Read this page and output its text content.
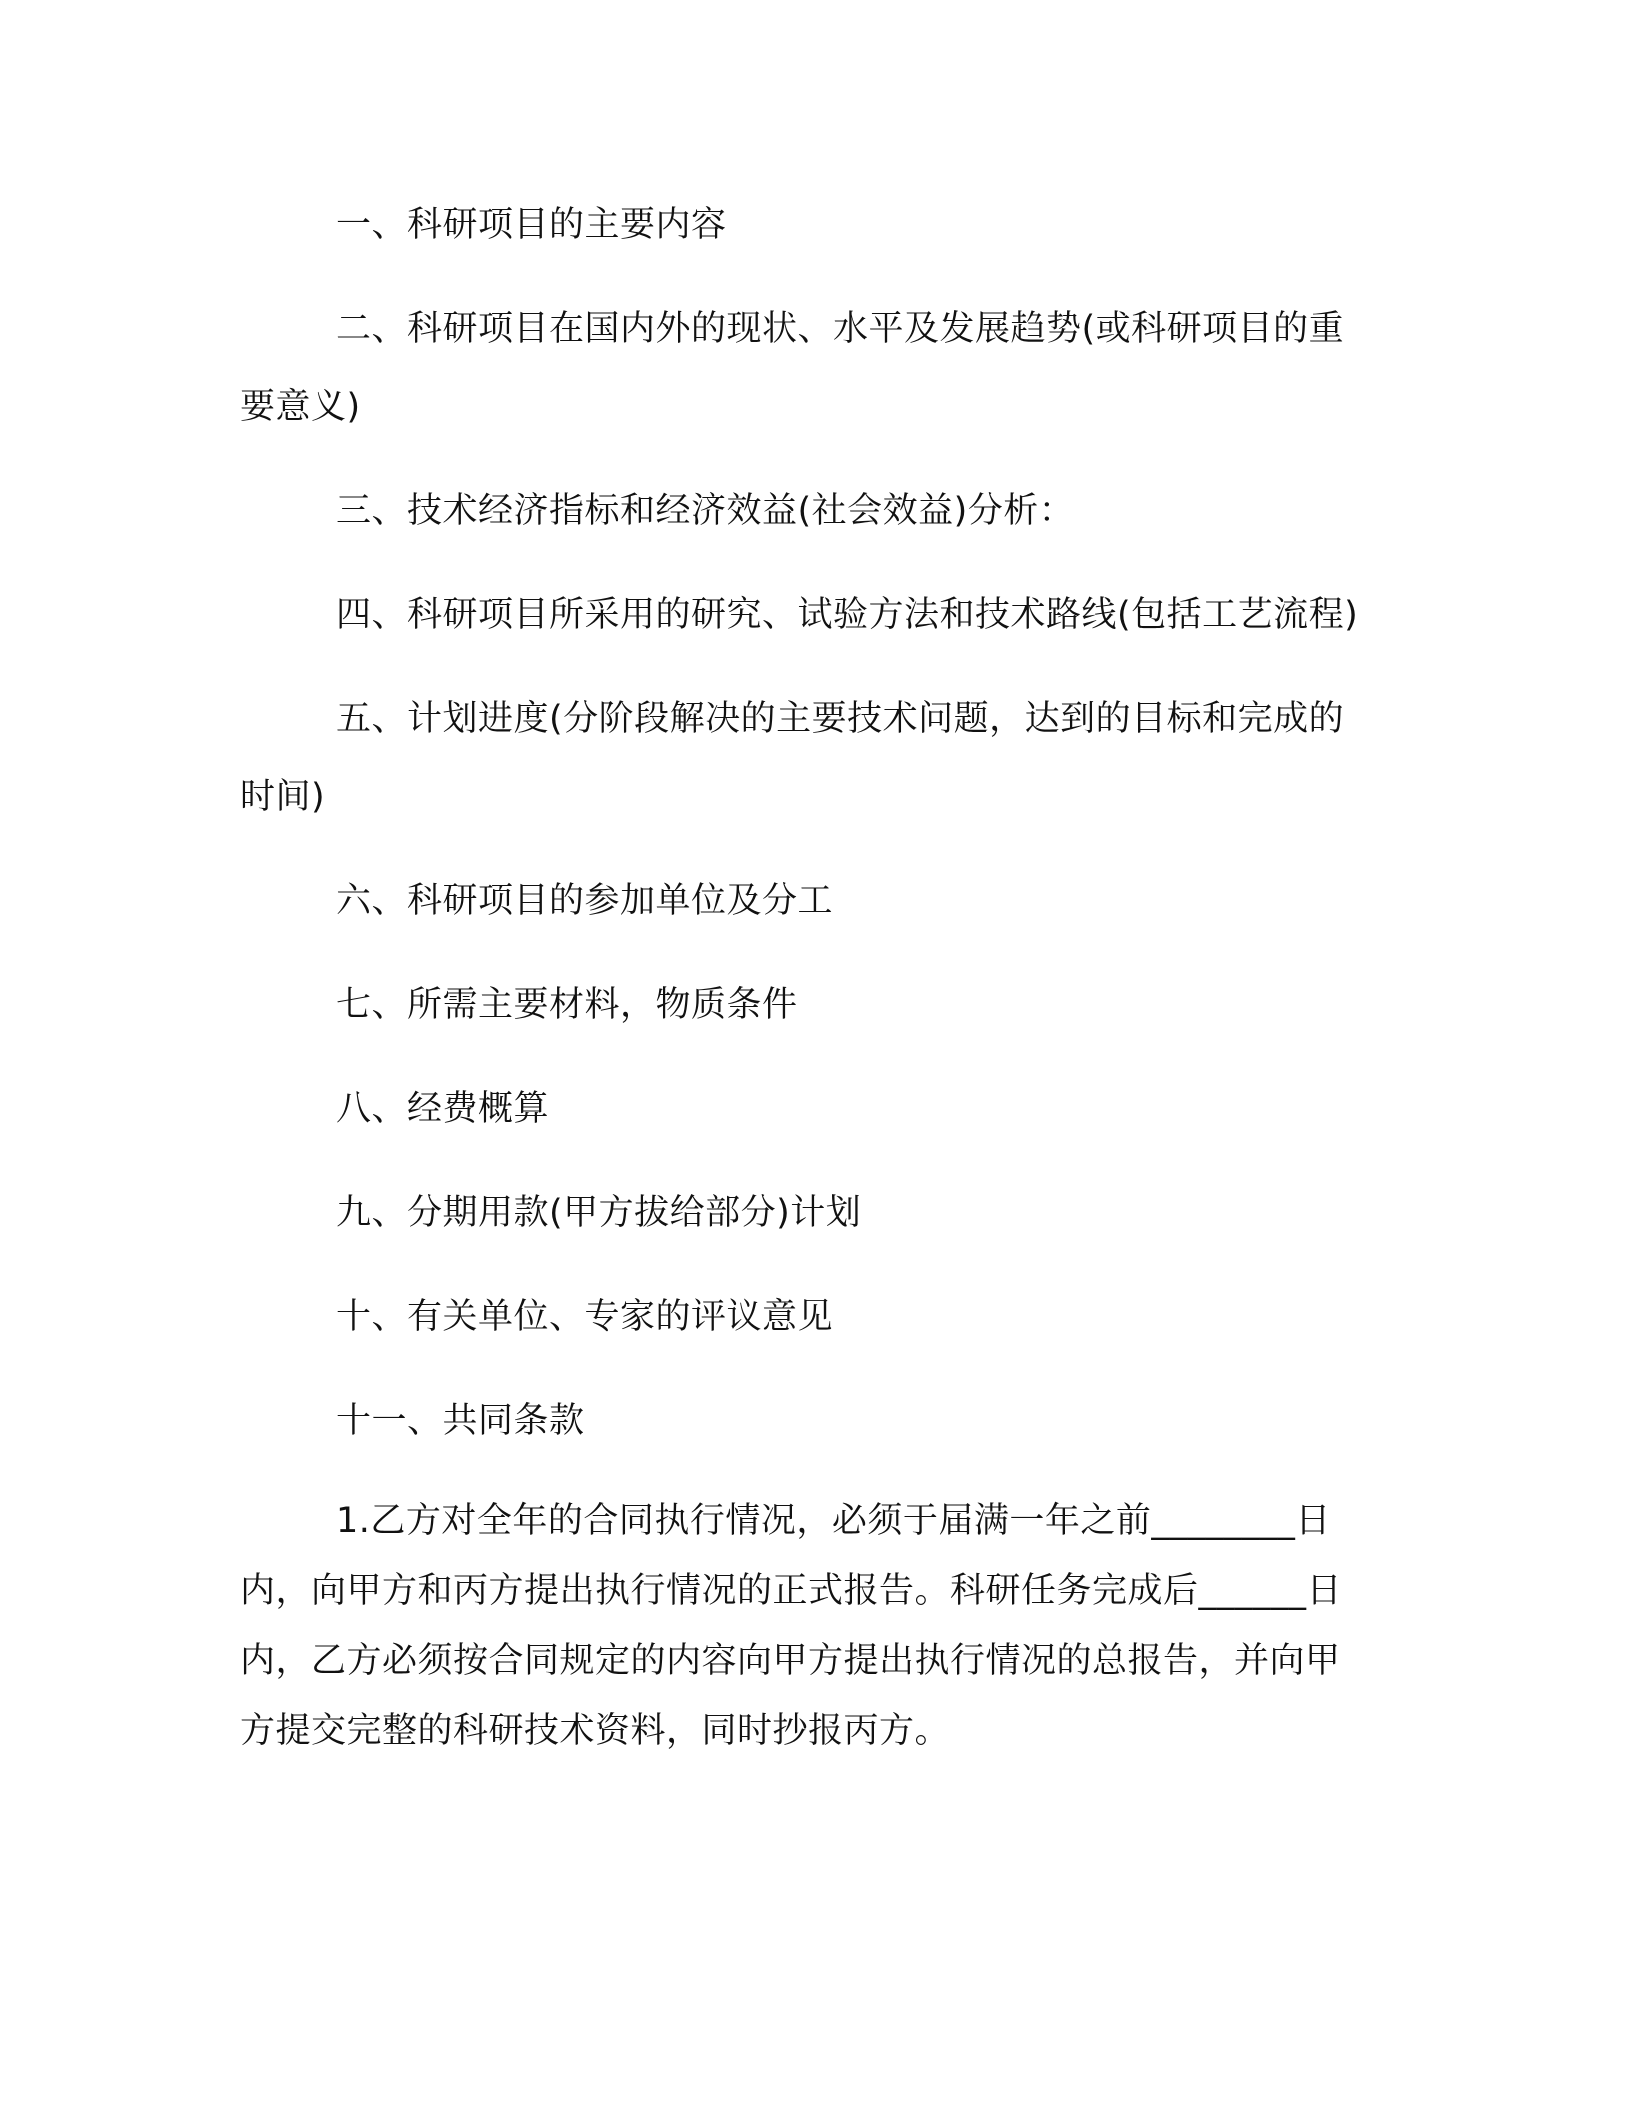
一、科研项目的主要内容

二、科研项目在国内外的现状、水平及发展趋势(或科研项目的重要意义)

三、技术经济指标和经济效益(社会效益)分析：

四、科研项目所采用的研究、试验方法和技术路线(包括工艺流程)

五、计划进度(分阶段解决的主要技术问题，达到的目标和完成的时间)

六、科研项目的参加单位及分工

七、所需主要材料，物质条件

八、经费概算

九、分期用款(甲方拔给部分)计划

十、有关单位、专家的评议意见

十一、共同条款

1.乙方对全年的合同执行情况，必须于届满一年之前________日内，向甲方和丙方提出执行情况的正式报告。科研任务完成后______日内，乙方必须按合同规定的内容向甲方提出执行情况的总报告，并向甲方提交完整的科研技术资料，同时抄报丙方。
